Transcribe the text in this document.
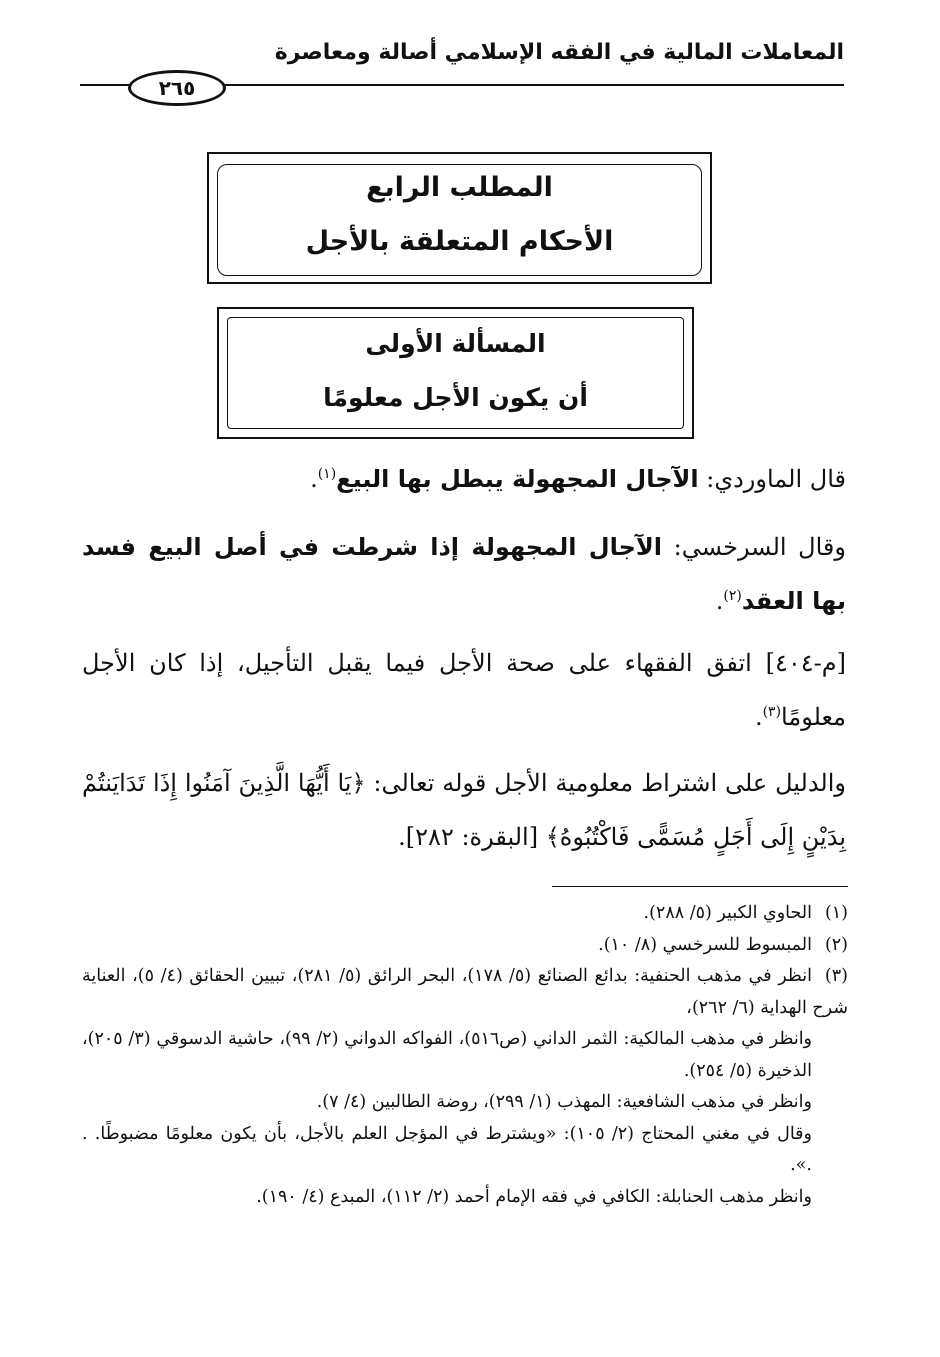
المعاملات المالية في الفقه الإسلامي أصالة ومعاصرة
٢٦٥
المطلب الرابع
الأحكام المتعلقة بالأجل
المسألة الأولى
أن يكون الأجل معلومًا
قال الماوردي: الآجال المجهولة يبطل بها البيع$^{(١)}$.
وقال السرخسي: الآجال المجهولة إذا شرطت في أصل البيع فسد بها العقد$^{(٢)}$.
[م-٤٠٤] اتفق الفقهاء على صحة الأجل فيما يقبل التأجيل، إذا كان الأجل معلومًا$^{(٣)}$.
والدليل على اشتراط معلومية الأجل قوله تعالى: ﴿يَا أَيُّهَا الَّذِينَ آمَنُوا إِذَا تَدَايَنتُمْ بِدَيْنٍ إِلَى أَجَلٍ مُسَمًّى فَاكْتُبُوهُ﴾ [البقرة: ٢٨٢].
(١)الحاوي الكبير (٥/ ٢٨٨).
(٢)المبسوط للسرخسي (٨/ ١٠).
(٣)انظر في مذهب الحنفية: بدائع الصنائع (٥/ ١٧٨)، البحر الرائق (٥/ ٢٨١)، تبيين الحقائق (٤/ ٥)، العناية شرح الهداية (٦/ ٢٦٢)،
وانظر في مذهب المالكية: الثمر الداني (ص٥١٦)، الفواكه الدواني (٢/ ٩٩)، حاشية الدسوقي (٣/ ٢٠٥)، الذخيرة (٥/ ٢٥٤).
وانظر في مذهب الشافعية: المهذب (١/ ٢٩٩)، روضة الطالبين (٤/ ٧).
وقال في مغني المحتاج (٢/ ١٠٥): «ويشترط في المؤجل العلم بالأجل، بأن يكون معلومًا مضبوطًا. . .».
وانظر مذهب الحنابلة: الكافي في فقه الإمام أحمد (٢/ ١١٢)، المبدع (٤/ ١٩٠).
